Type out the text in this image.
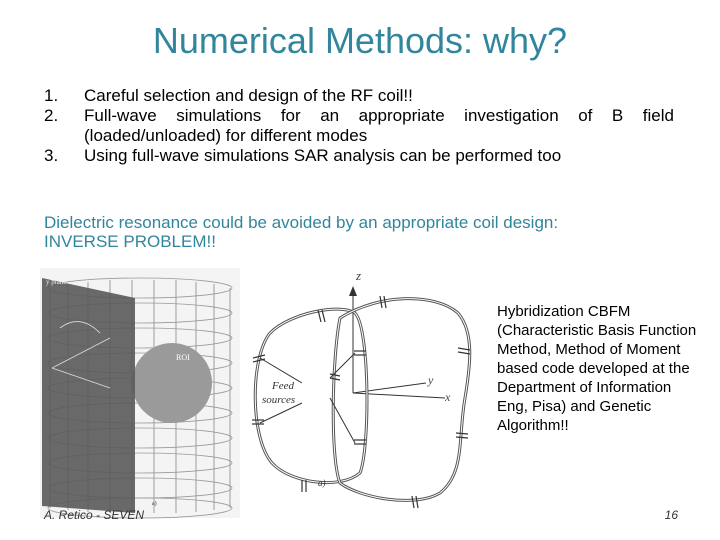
Numerical Methods: why?
1. Careful selection and design of the RF coil!!
2. Full-wave simulations for an appropriate investigation of B field (loaded/unloaded) for different modes
3. Using full-wave simulations SAR analysis can be performed too
Dielectric resonance could be avoided by an appropriate coil design:
INVERSE PROBLEM!!
y plane
ROI
a)
z
y
x
Feed
sources
a)
Hybridization CBFM (Characteristic Basis Function Method, Method of Moment based code developed at the Department of Information Eng, Pisa) and Genetic Algorithm!!
A. Retico - SEVEN	16
